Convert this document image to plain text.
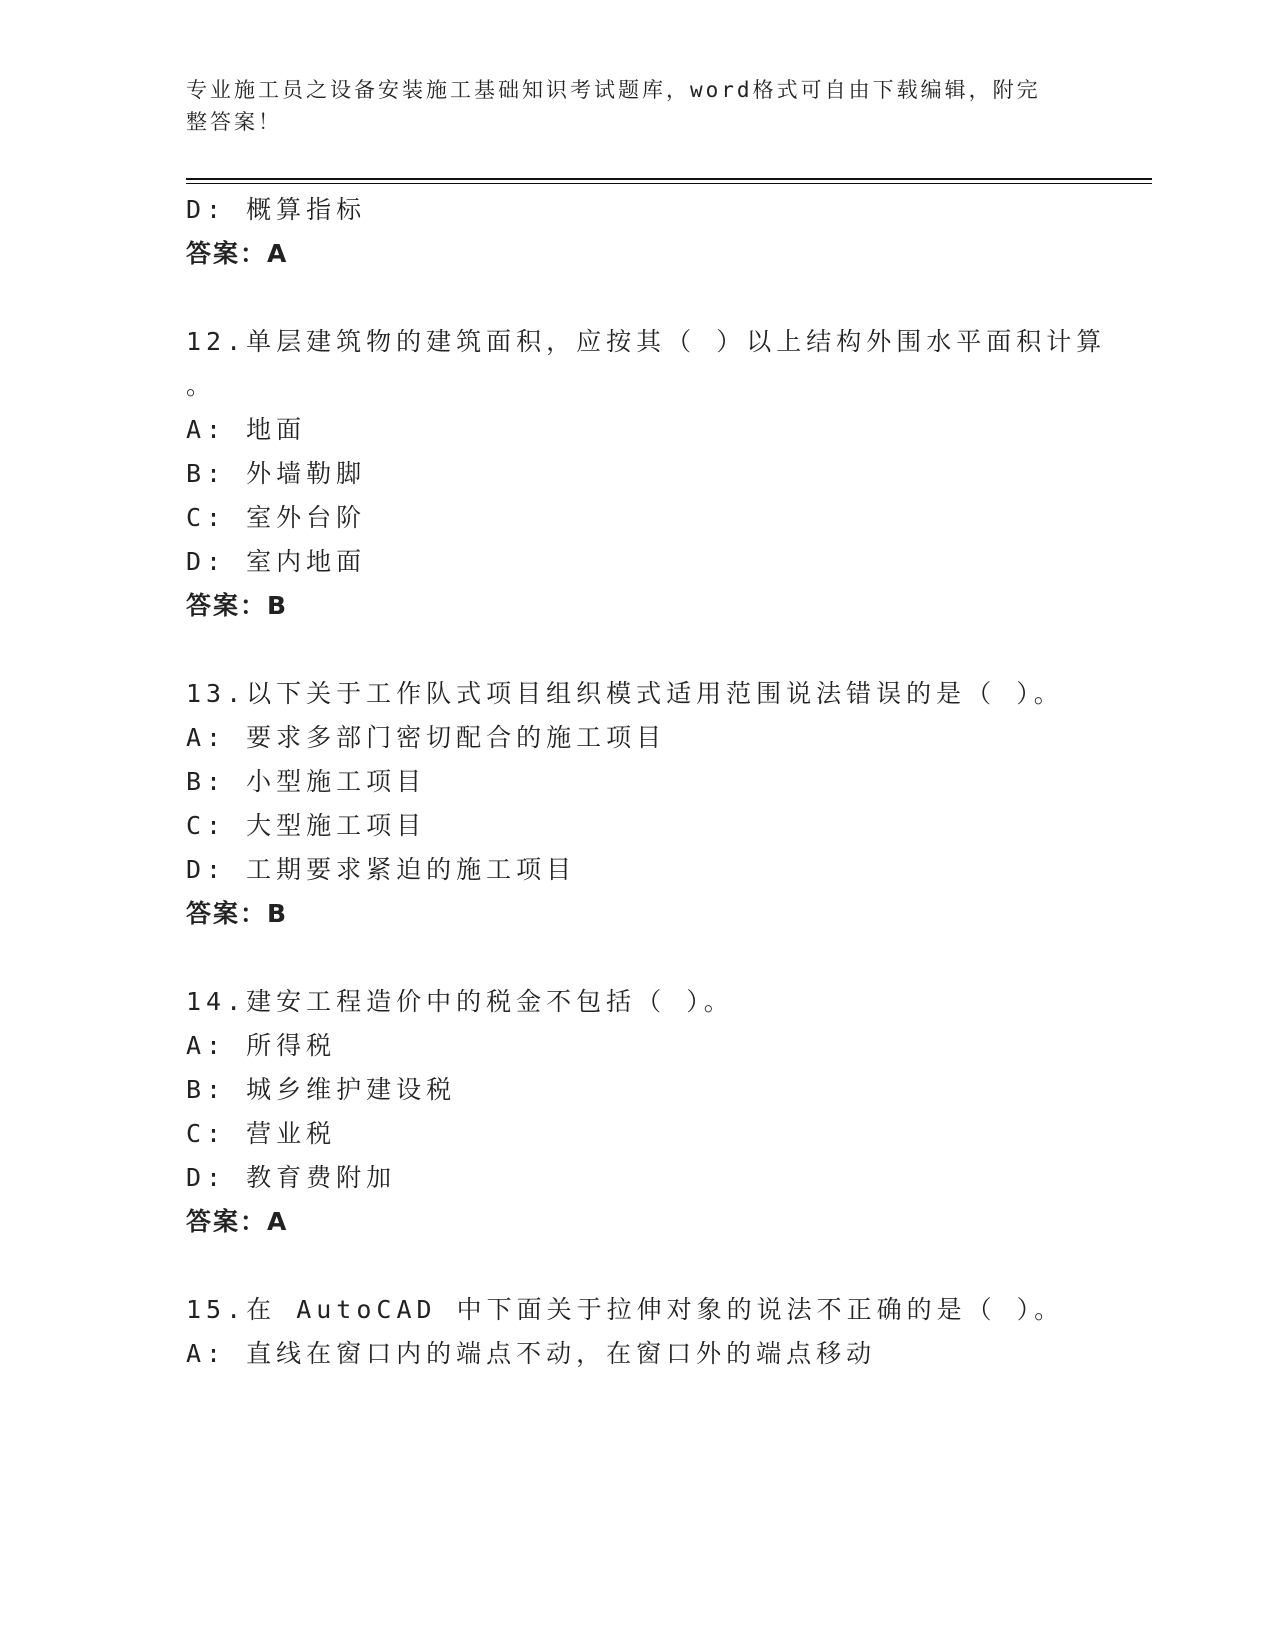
专业施工员之设备安装施工基础知识考试题库，word格式可自由下载编辑，附完
整答案！
D: 概算指标
答案：A
12.单层建筑物的建筑面积，应按其（ ）以上结构外围水平面积计算
。
A: 地面
B: 外墙勒脚
C: 室外台阶
D: 室内地面
答案：B
13.以下关于工作队式项目组织模式适用范围说法错误的是（ ）。
A: 要求多部门密切配合的施工项目
B: 小型施工项目
C: 大型施工项目
D: 工期要求紧迫的施工项目
答案：B
14.建安工程造价中的税金不包括（ ）。
A: 所得税
B: 城乡维护建设税
C: 营业税
D: 教育费附加
答案：A
15.在 AutoCAD 中下面关于拉伸对象的说法不正确的是（ ）。
A: 直线在窗口内的端点不动，在窗口外的端点移动
